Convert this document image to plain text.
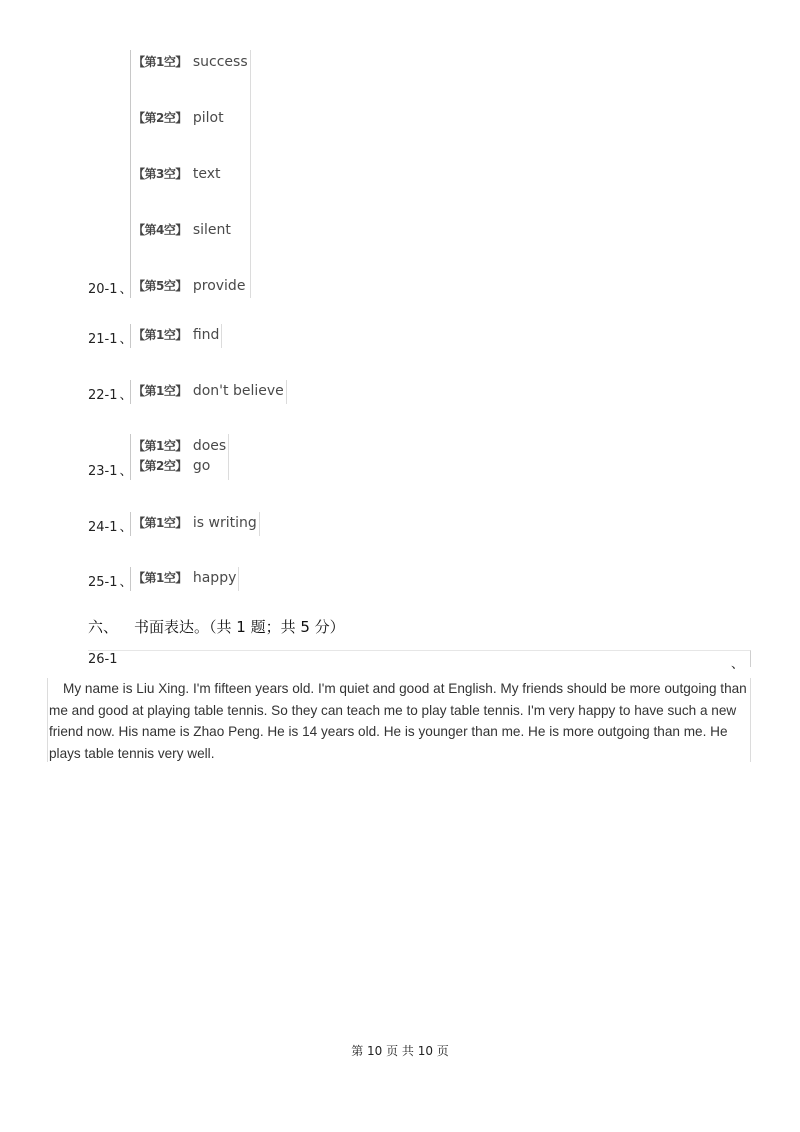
20-1 、
【第1空】 success
【第2空】 pilot
【第3空】 text
【第4空】 silent
【第5空】 provide
21-1 、 【第1空】 find
22-1 、 【第1空】 don't believe
23-1 、
【第1空】 does
【第2空】 go
24-1 、 【第1空】 is writing
25-1 、 【第1空】 happy
六、 书面表达。（共 1 题；共 5 分）
26-1	、
My name is Liu Xing. I'm fifteen years old. I'm quiet and good at English. My friends should be more outgoing than me and good at playing table tennis. So they can teach me to play table tennis. I'm very happy to have such a new friend now. His name is Zhao Peng. He is 14 years old. He is younger than me. He is more outgoing than me. He plays table tennis very well.
第 10 页 共 10 页
